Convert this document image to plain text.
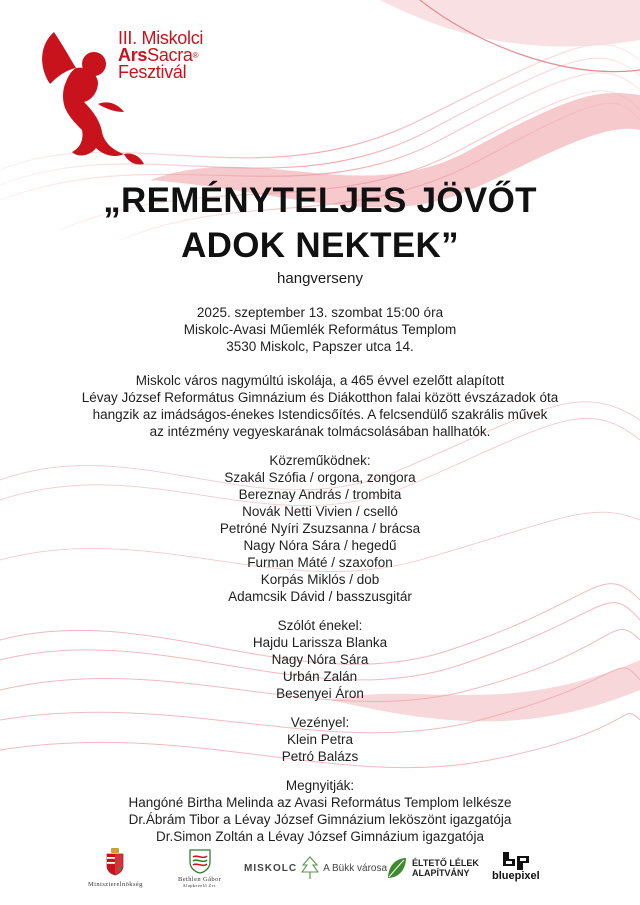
III. Miskolci
ArsSacra®
Fesztivál
„REMÉNYTELJES JÖVŐT
ADOK NEKTEK”
hangverseny
2025. szeptember 13. szombat 15:00 óra
Miskolc-Avasi Műemlék Református Templom
3530 Miskolc, Papszer utca 14.
Miskolc város nagymúltú iskolája, a 465 évvel ezelőtt alapított
Lévay József Református Gimnázium és Diákotthon falai között évszázadok óta
hangzik az imádságos-énekes Istendicsőítés. A felcsendülő szakrális művek
az intézmény vegyeskarának tolmácsolásában hallhatók.
Közreműködnek:
Szakál Szófia / orgona, zongora
Bereznay András / trombita
Novák Netti Vivien / cselló
Petróné Nyíri Zsuzsanna / brácsa
Nagy Nóra Sára / hegedű
Furman Máté / szaxofon
Korpás Miklós / dob
Adamcsik Dávid / basszusgitár
Szólót énekel:
Hajdu Larissza Blanka
Nagy Nóra Sára
Urbán Zalán
Besenyei Áron
Vezényel:
Klein Petra
Petró Balázs
Megnyitják:
Hangóné Birtha Melinda az Avasi Református Templom lelkésze
Dr.Ábrám Tibor a Lévay József Gimnázium leköszönt igazgatója
Dr.Simon Zoltán a Lévay József Gimnázium igazgatója
Miniszterelnökség
Bethlen Gábor
Alapkezelő Zrt.
MISKOLC	A Bükk városa	ÉLTETŐ LÉLEK
ALAPÍTVÁNY	bluepixel
